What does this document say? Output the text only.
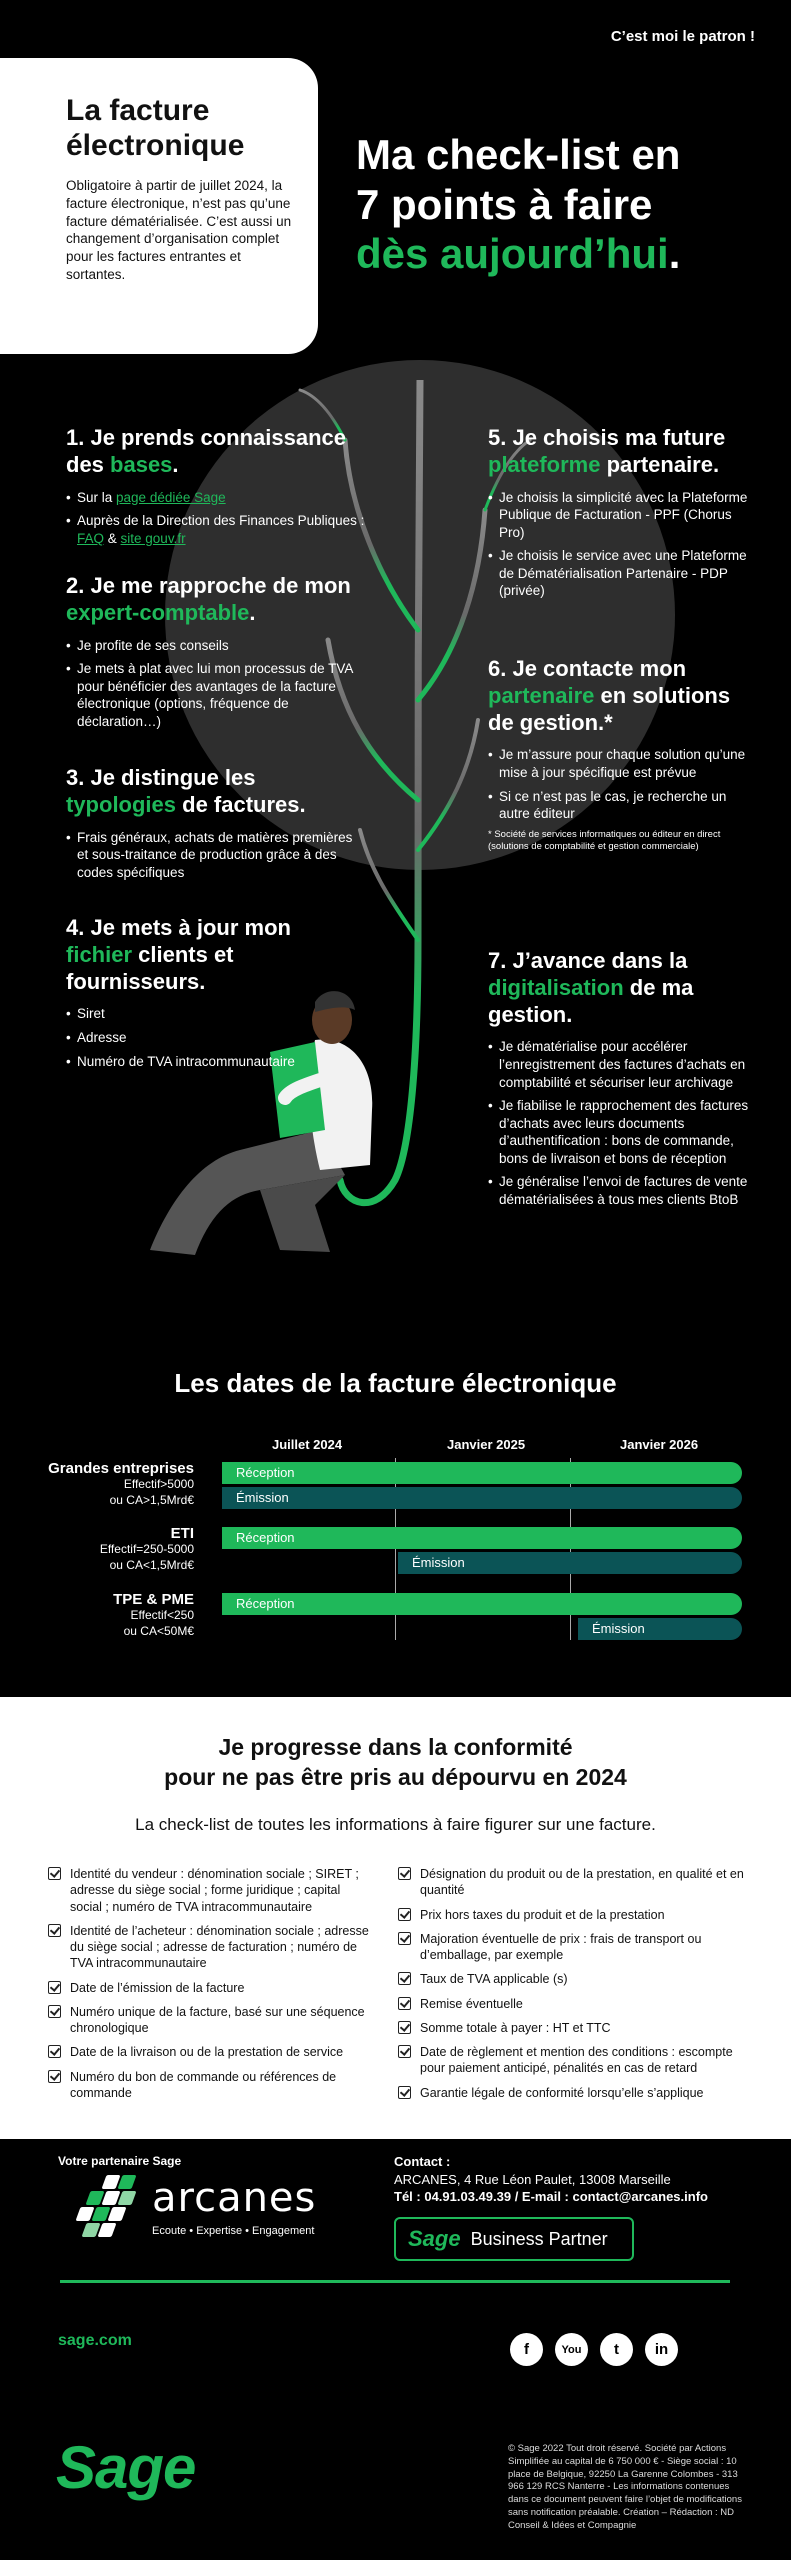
C’est moi le patron !
La facture électronique

Obligatoire à partir de juillet 2024, la facture électronique, n’est pas qu’une facture dématérialisée. C’est aussi un changement d’organisation complet pour les factures entrantes et sortantes.

Ma check-list en
7 points à faire
dès aujourd’hui.
1. Je prends connaissance des bases.
• Sur la page dédiée Sage
• Auprès de la Direction des Finances Publiques : FAQ & site gouv.fr
2. Je me rapproche de mon expert-comptable.
• Je profite de ses conseils
• Je mets à plat avec lui mon processus de TVA pour bénéficier des avantages de la facture électronique (options, fréquence de déclaration…)
3. Je distingue les typologies de factures.
• Frais généraux, achats de matières premières et sous-traitance de production grâce à des codes spécifiques
4. Je mets à jour mon fichier clients et fournisseurs.
• Siret
• Adresse
• Numéro de TVA intracommunautaire
5. Je choisis ma future plateforme partenaire.
• Je choisis la simplicité avec la Plateforme Publique de Facturation - PPF (Chorus Pro)
• Je choisis le service avec une Plateforme de Dématérialisation Partenaire - PDP (privée)
6. Je contacte mon partenaire en solutions de gestion.*
• Je m’assure pour chaque solution qu’une mise à jour spécifique est prévue
• Si ce n’est pas le cas, je recherche un autre éditeur

* Société de services informatiques ou éditeur en direct (solutions de comptabilité et gestion commerciale)

7. J’avance dans la digitalisation de ma gestion.
• Je dématérialise pour accélérer l’enregistrement des factures d’achats en comptabilité et sécuriser leur archivage
• Je fiabilise le rapprochement des factures d’achats avec leurs documents d’authentification : bons de commande, bons de livraison et bons de réception
• Je généralise l’envoi de factures de vente dématérialisées à tous mes clients BtoB
Les dates de la facture électronique
Juillet 2024	Janvier 2025	Janvier 2026
Grandes entreprises
Effectif>5000
ou CA>1,5Mrd€
Réception
Émission
ETI
Effectif=250-5000
ou CA<1,5Mrd€
Réception
Émission
TPE & PME
Effectif<250
ou CA<50M€
Réception
Émission
Je progresse dans la conformité
pour ne pas être pris au dépourvu en 2024
La check-list de toutes les informations à faire figurer sur une facture.
Identité du vendeur : dénomination sociale ; SIRET ; adresse du siège social ; forme juridique ; capital social ; numéro de TVA intracommunautaire
Identité de l’acheteur : dénomination sociale ; adresse du siège social ; adresse de facturation ; numéro de TVA intracommunautaire
Date de l’émission de la facture
Numéro unique de la facture, basé sur une séquence chronologique
Date de la livraison ou de la prestation de service
Numéro du bon de commande ou références de commande
Désignation du produit ou de la prestation, en qualité et en quantité
Prix hors taxes du produit et de la prestation
Majoration éventuelle de prix : frais de transport ou d’emballage, par exemple
Taux de TVA applicable (s)
Remise éventuelle
Somme totale à payer : HT et TTC
Date de règlement et mention des conditions : escompte pour paiement anticipé, pénalités en cas de retard
Garantie légale de conformité lorsqu’elle s’applique
Votre partenaire Sage
arcanes
Ecoute • Expertise • Engagement
Contact :
ARCANES, 4 Rue Léon Paulet, 13008 Marseille
Tél : 04.91.03.49.39 / E-mail : contact@arcanes.info
Sage Business Partner
sage.com
f	You	t	in
© Sage 2022 Tout droit réservé. Société par Actions Simplifiée au capital de 6 750 000 € - Siège social : 10 place de Belgique, 92250 La Garenne Colombes - 313 966 129 RCS Nanterre - Les informations contenues dans ce document peuvent faire l’objet de modifications sans notification préalable. Création – Rédaction : ND Conseil & Idées et Compagnie
Sage
